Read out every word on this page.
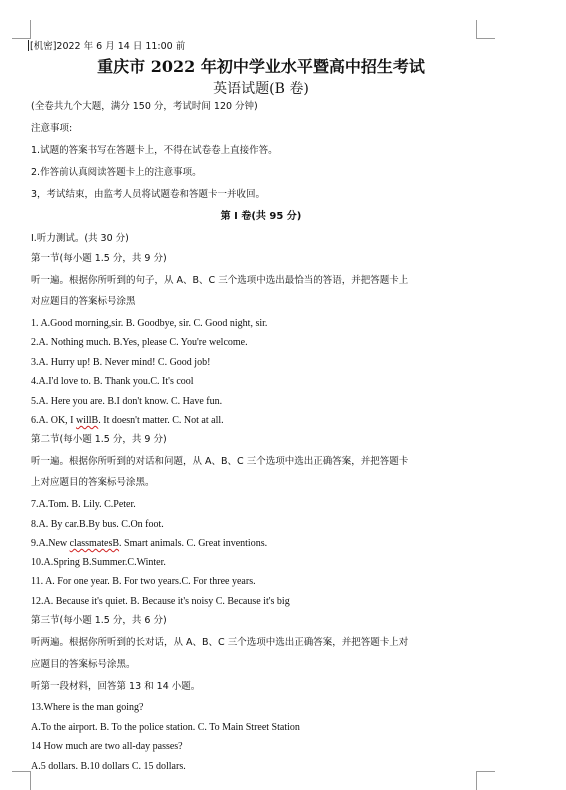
[机密]2022 年 6 月 14 日 11:00 前
重庆市 2022 年初中学业水平暨高中招生考试
英语试题(B 卷)
(全卷共九个大题，满分 150 分，考试时间 120 分钟)
注意事项:
1.试题的答案书写在答题卡上，不得在试卷卷上直接作答。
2.作答前认真阅读答题卡上的注意事项。
3，考试结束，由监考人员将试题卷和答题卡一并收回。
第 I 卷(共 95 分)
I.听力测试。(共 30 分)
第一节(每小题 1.5 分，共 9 分)
听一遍。根据你所听到的句子，从 A、B、C 三个选项中选出最恰当的答语，并把答题卡上
对应题目的答案标号涂黑
1. A.Good morning,sir. B. Goodbye, sir. C. Good night, sir.
2.A. Nothing much. B.Yes, please C. You're welcome.
3.A. Hurry up! B. Never mind! C. Good job!
4.A.I'd love to. B. Thank you.C. It's cool
5.A. Here you are. B.I don't know. C. Have fun.
6.A. OK, I willB. It doesn't matter. C. Not at all.
第二节(每小题 1.5 分，共 9 分)
听一遍。根据你所听到的对话和问题，从 A、B、C 三个选项中选出正确答案，并把答题卡
上对应题目的答案标号涂黑。
7.A.Tom. B. Lily. C.Peter.
8.A. By car.B.By bus. C.On foot.
9.A.New classmatesB. Smart animals. C. Great inventions.
10.A.Spring B.Summer.C.Winter.
11. A. For one year. B. For two years.C. For three years.
12.A. Because it's quiet. B. Because it's noisy C. Because it's big
第三节(每小题 1.5 分，共 6 分)
听两遍。根据你所听到的长对话，从 A、B、C 三个选项中选出正确答案，并把答题卡上对
应题目的答案标号涂黑。
听第一段材料，回答第 13 和 14 小题。
13.Where is the man going?
A.To the airport. B. To the police station. C. To Main Street Station
14 How much are two all-day passes?
A.5 dollars. B.10 dollars C. 15 dollars.
